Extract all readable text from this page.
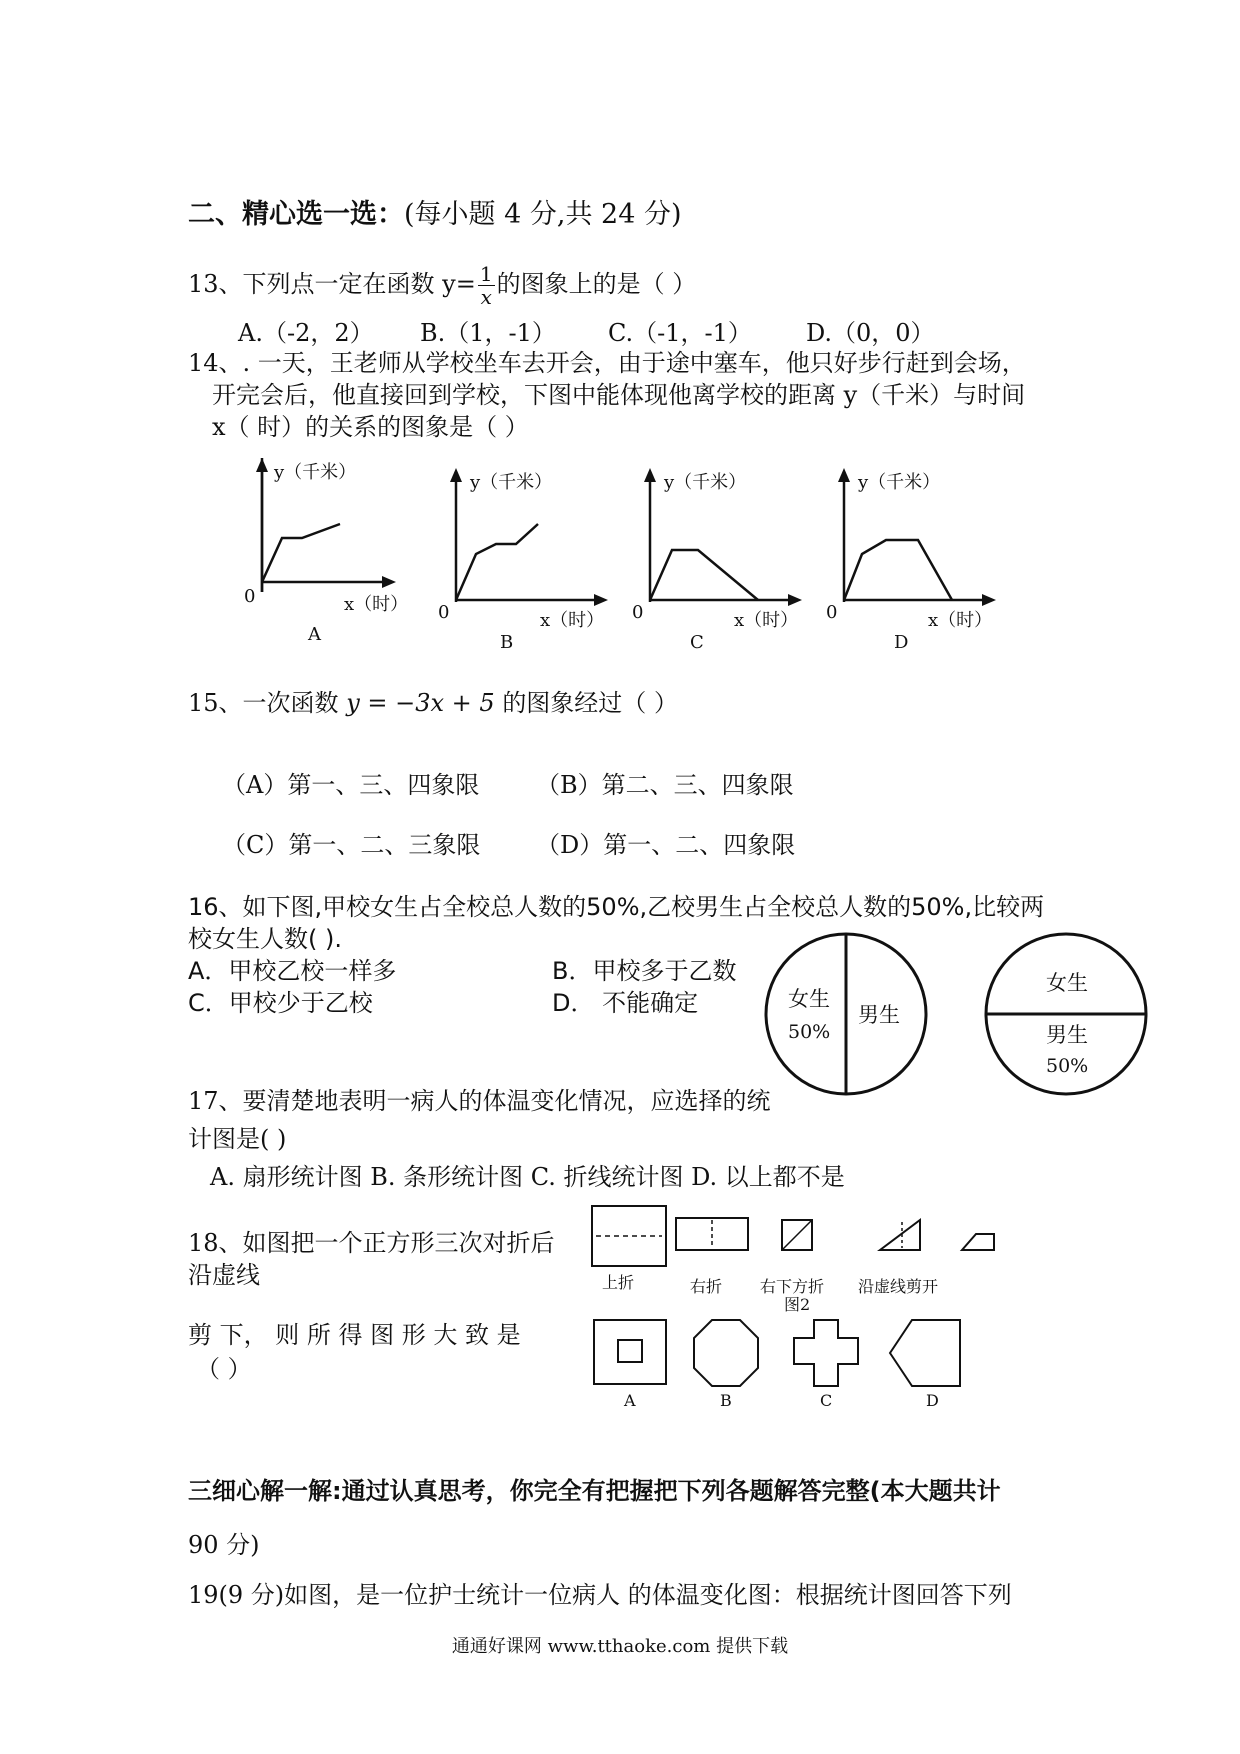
二、精心选一选：(每小题 4 分,共 24 分)
13、下列点一定在函数 $y= \frac{1}{x}$ 的图象上的是（ ）
A.（-2，2） B.（1，-1） C.（-1，-1） D.（0，0）
14、. 一天，王老师从学校坐车去开会，由于途中塞车，他只好步行赶到会场，
开完会后，他直接回到学校，下图中能体现他离学校的距离 y（千米）与时间
x（ 时）的关系的图象是（ ）
y（千米）
0	x（时）
A
y（千米）
0	x（时）
B
y（千米）
0	x（时）
C
y（千米）
0	x（时）
D
15、一次函数 y = −3x + 5 的图象经过（ ）
（A）第一、三、四象限 （B）第二、三、四象限
（C）第一、二、三象限 （D）第一、二、四象限
16、如下图,甲校女生占全校总人数的50%,乙校男生占全校总人数的50%,比较两
校女生人数( ).
A．甲校乙校一样多	B．甲校多于乙数
C．甲校少于乙校	D． 不能确定	女生
50%
男生
女生
男生
50%
17、要清楚地表明一病人的体温变化情况，应选择的统
计图是( )
A. 扇形统计图 B. 条形统计图 C. 折线统计图 D. 以上都不是
18、如图把一个正方形三次对折后
沿虚线
剪 下， 则 所 得 图 形 大 致 是
（ ）
上折	右折 右下方折 沿虚线剪开
图2
A	B	C	D
三细心解一解:通过认真思考，你完全有把握把下列各题解答完整(本大题共计
90 分)
19(9 分)如图，是一位护士统计一位病人 的体温变化图：根据统计图回答下列
通通好课网 www.tthaoke.com 提供下载
